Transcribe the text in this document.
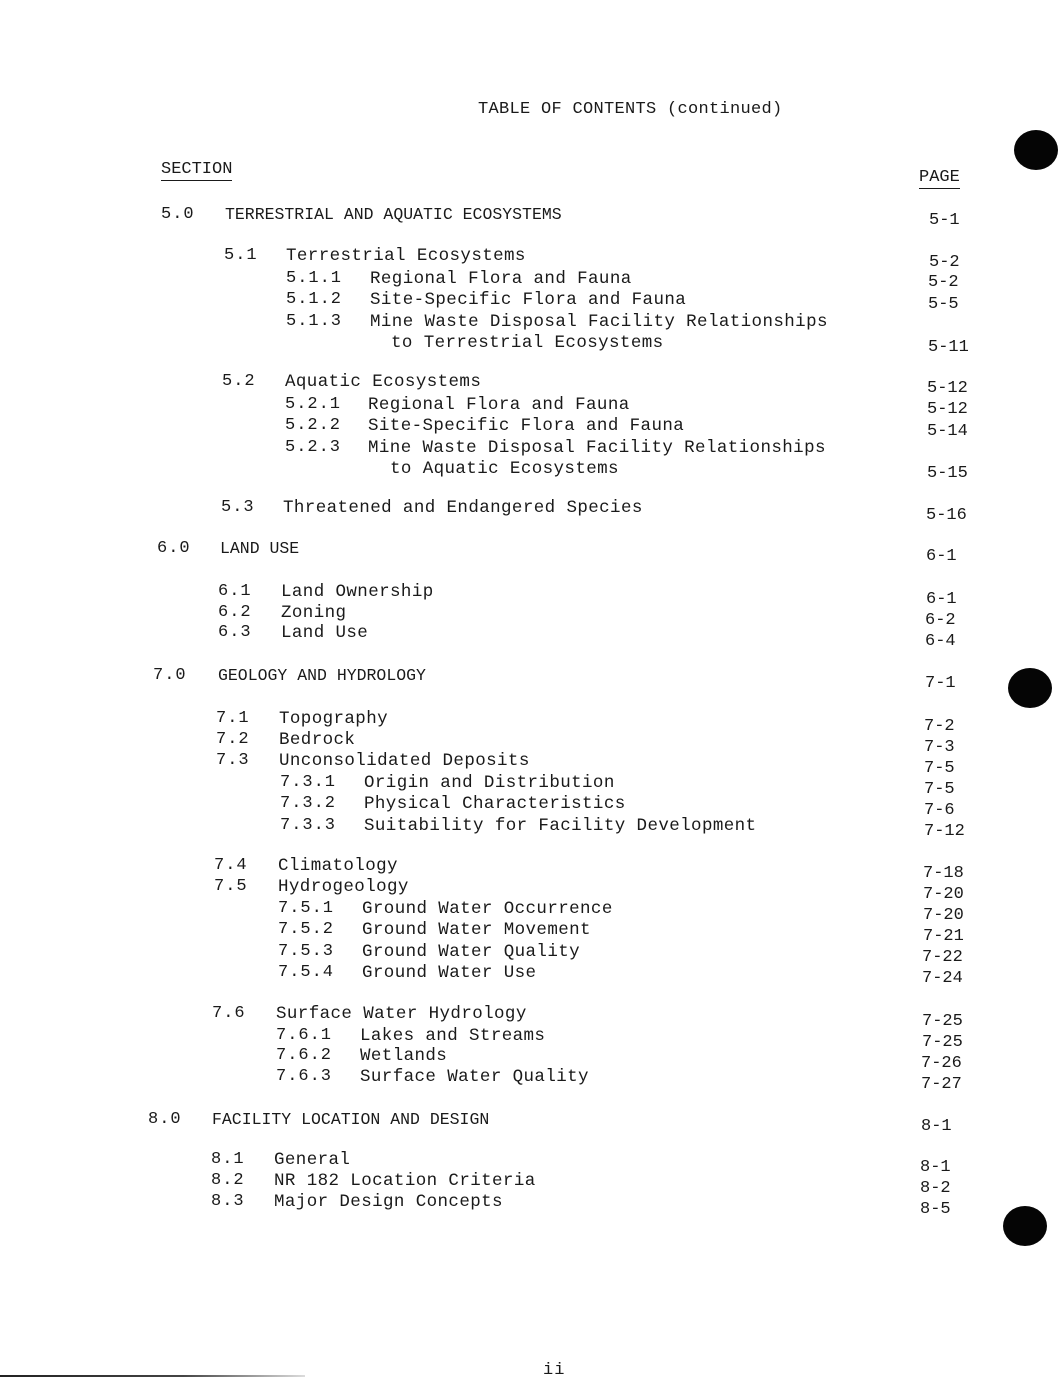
TABLE OF CONTENTS (continued)
SECTION	PAGE
5.0 TERRESTRIAL AND AQUATIC ECOSYSTEMS	5-1
5.1 Terrestrial Ecosystems	5-2
5.1.1 Regional Flora and Fauna	5-2
5.1.2 Site-Specific Flora and Fauna	5-5
5.1.3 Mine Waste Disposal Facility Relationships
to Terrestrial Ecosystems	5-11
5.2 Aquatic Ecosystems	5-12
5.2.1 Regional Flora and Fauna	5-12
5.2.2 Site-Specific Flora and Fauna	5-14
5.2.3 Mine Waste Disposal Facility Relationships
to Aquatic Ecosystems	5-15
5.3 Threatened and Endangered Species	5-16
6.0 LAND USE	6-1
6.1 Land Ownership	6-1
6.2 Zoning	6-2
6.3 Land Use	6-4
7.0 GEOLOGY AND HYDROLOGY	7-1
7.1 Topography	7-2
7.2 Bedrock	7-3
7.3 Unconsolidated Deposits	7-5
7.3.1 Origin and Distribution	7-5
7.3.2 Physical Characteristics	7-6
7.3.3 Suitability for Facility Development	7-12
7.4 Climatology	7-18
7.5 Hydrogeology	7-20
7.5.1 Ground Water Occurrence	7-20
7.5.2 Ground Water Movement	7-21
7.5.3 Ground Water Quality	7-22
7.5.4 Ground Water Use	7-24
7.6 Surface Water Hydrology	7-25
7.6.1 Lakes and Streams	7-25
7.6.2 Wetlands	7-26
7.6.3 Surface Water Quality	7-27
8.0 FACILITY LOCATION AND DESIGN	8-1
8.1 General	8-1
8.2 NR 182 Location Criteria	8-2
8.3 Major Design Concepts	8-5
ii
